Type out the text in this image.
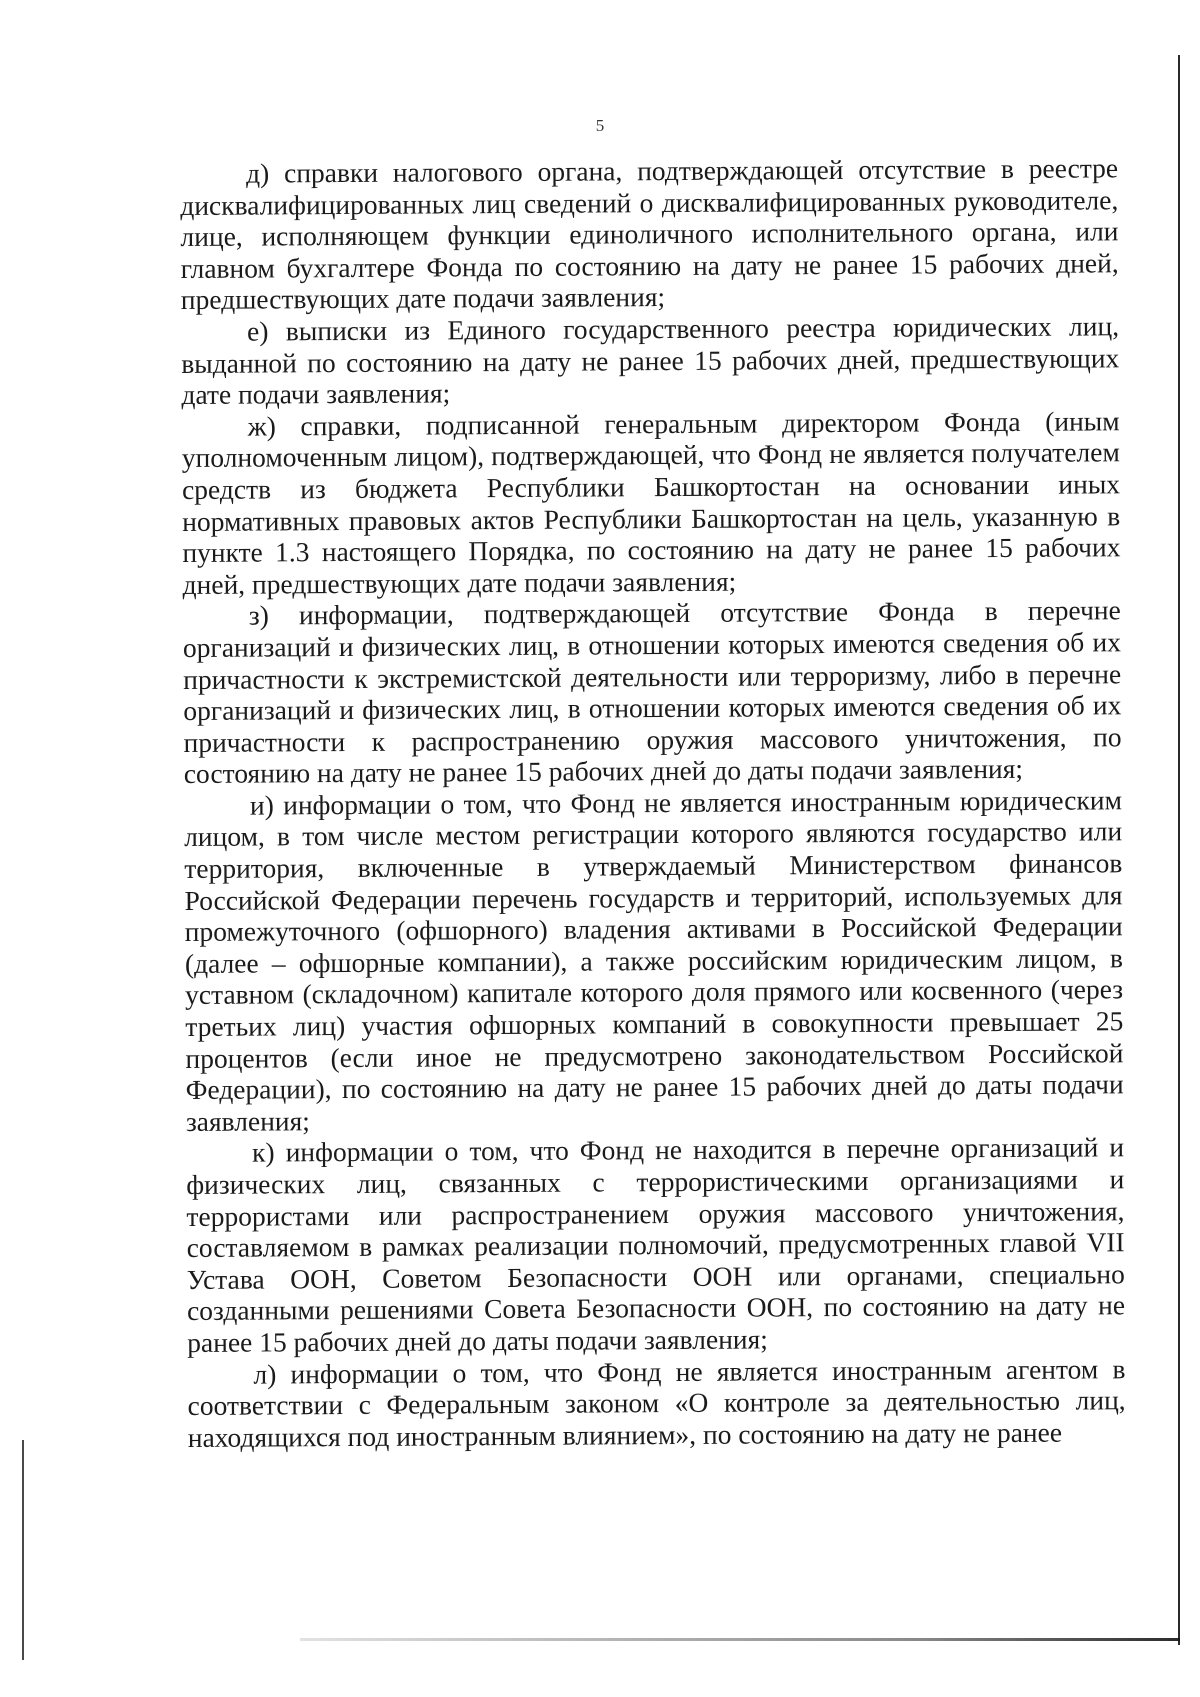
5

д) справки налогового органа, подтверждающей отсутствие в реестре дисквалифицированных лиц сведений о дисквалифицированных руководителе, лице, исполняющем функции единоличного исполнительного органа, или главном бухгалтере Фонда по состоянию на дату не ранее 15 рабочих дней, предшествующих дате подачи заявления;

е) выписки из Единого государственного реестра юридических лиц, выданной по состоянию на дату не ранее 15 рабочих дней, предшествующих дате подачи заявления;

ж) справки, подписанной генеральным директором Фонда (иным уполномоченным лицом), подтверждающей, что Фонд не является получателем средств из бюджета Республики Башкортостан на основании иных нормативных правовых актов Республики Башкортостан на цель, указанную в пункте 1.3 настоящего Порядка, по состоянию на дату не ранее 15 рабочих дней, предшествующих дате подачи заявления;

з) информации, подтверждающей отсутствие Фонда в перечне организаций и физических лиц, в отношении которых имеются сведения об их причастности к экстремистской деятельности или терроризму, либо в перечне организаций и физических лиц, в отношении которых имеются сведения об их причастности к распространению оружия массового уничтожения, по состоянию на дату не ранее 15 рабочих дней до даты подачи заявления;

и) информации о том, что Фонд не является иностранным юридическим лицом, в том числе местом регистрации которого являются государство или территория, включенные в утверждаемый Министерством финансов Российской Федерации перечень государств и территорий, используемых для промежуточного (офшорного) владения активами в Российской Федерации (далее – офшорные компании), а также российским юридическим лицом, в уставном (складочном) капитале которого доля прямого или косвенного (через третьих лиц) участия офшорных компаний в совокупности превышает 25 процентов (если иное не предусмотрено законодательством Российской Федерации), по состоянию на дату не ранее 15 рабочих дней до даты подачи заявления;

к) информации о том, что Фонд не находится в перечне организаций и физических лиц, связанных с террористическими организациями и террористами или распространением оружия массового уничтожения, составляемом в рамках реализации полномочий, предусмотренных главой VII Устава ООН, Советом Безопасности ООН или органами, специально созданными решениями Совета Безопасности ООН, по состоянию на дату не ранее 15 рабочих дней до даты подачи заявления;

л) информации о том, что Фонд не является иностранным агентом в соответствии с Федеральным законом «О контроле за деятельностью лиц, находящихся под иностранным влиянием», по состоянию на дату не ранее
